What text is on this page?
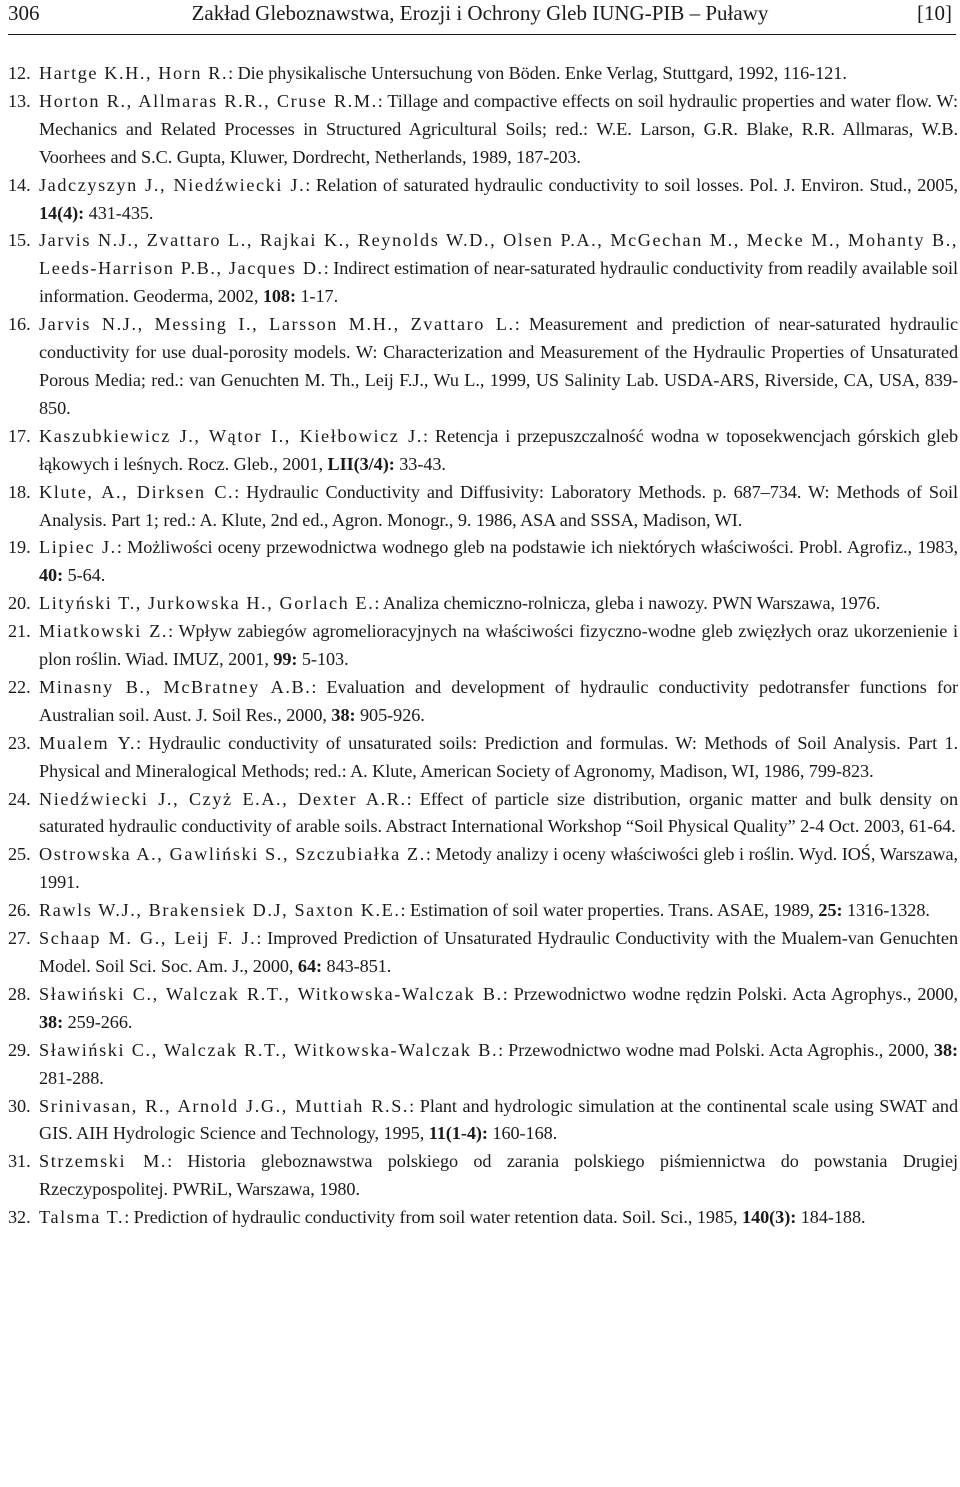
306	Zakład Gleboznawstwa, Erozji i Ochrony Gleb IUNG-PIB – Puławy	[10]
12. Hartge K.H., Horn R.: Die physikalische Untersuchung von Böden. Enke Verlag, Stuttgard, 1992, 116-121.
13. Horton R., Allmaras R.R., Cruse R.M.: Tillage and compactive effects on soil hydraulic properties and water flow. W: Mechanics and Related Processes in Structured Agricultural Soils; red.: W.E. Larson, G.R. Blake, R.R. Allmaras, W.B. Voorhees and S.C. Gupta, Kluwer, Dordrecht, Netherlands, 1989, 187-203.
14. Jadczyszyn J., Niedźwiecki J.: Relation of saturated hydraulic conductivity to soil losses. Pol. J. Environ. Stud., 2005, 14(4): 431-435.
15. Jarvis N.J., Zvattaro L., Rajkai K., Reynolds W.D., Olsen P.A., McGechan M., Mecke M., Mohanty B., Leeds-Harrison P.B., Jacques D.: Indirect estimation of near-saturated hydraulic conductivity from readily available soil information. Geoderma, 2002, 108: 1-17.
16. Jarvis N.J., Messing I., Larsson M.H., Zvattaro L.: Measurement and prediction of near-saturated hydraulic conductivity for use dual-porosity models. W: Characterization and Measurement of the Hydraulic Properties of Unsaturated Porous Media; red.: van Genuchten M. Th., Leij F.J., Wu L., 1999, US Salinity Lab. USDA-ARS, Riverside, CA, USA, 839-850.
17. Kaszubkiewicz J., Wątor I., Kiełbowicz J.: Retencja i przepuszczalność wodna w toposekwencjach górskich gleb łąkowych i leśnych. Rocz. Glеb., 2001, LII(3/4): 33-43.
18. Klute, A., Dirksen C.: Hydraulic Conductivity and Diffusivity: Laboratory Methods. p. 687–734. W: Methods of Soil Analysis. Part 1; red.: A. Klute, 2nd ed., Agron. Monogr., 9. 1986, ASA and SSSA, Madison, WI.
19. Lipiec J.: Możliwości oceny przewodnictwa wodnego gleb na podstawie ich niektórych właściwości. Probl. Agrofiz., 1983, 40: 5-64.
20. Lityński T., Jurkowska H., Gorlach E.: Analiza chemiczno-rolnicza, gleba i nawozy. PWN Warszawa, 1976.
21. Miatkowski Z.: Wpływ zabiegów agromelioracyjnych na właściwości fizyczno-wodne gleb zwięzłych oraz ukorzenienie i plon roślin. Wiad. IMUZ, 2001, 99: 5-103.
22. Minasny B., McBratney A.B.: Evaluation and development of hydraulic conductivity pedotransfer functions for Australian soil. Aust. J. Soil Res., 2000, 38: 905-926.
23. Mualem Y.: Hydraulic conductivity of unsaturated soils: Prediction and formulas. W: Methods of Soil Analysis. Part 1. Physical and Mineralogical Methods; red.: A. Klute, American Society of Agronomy, Madison, WI, 1986, 799-823.
24. Niedźwiecki J., Czyż E.A., Dexter A.R.: Effect of particle size distribution, organic matter and bulk density on saturated hydraulic conductivity of arable soils. Abstract International Workshop “Soil Physical Quality” 2-4 Oct. 2003, 61-64.
25. Ostrowska A., Gawliński S., Szczubiałka Z.: Metody analizy i oceny właściwości gleb i roślin. Wyd. IOŚ, Warszawa, 1991.
26. Rawls W.J., Brakensiek D.J, Saxton K.E.: Estimation of soil water properties. Trans. ASAE, 1989, 25: 1316-1328.
27. Schaap M. G., Leij F. J.: Improved Prediction of Unsaturated Hydraulic Conductivity with the Mualem-van Genuchten Model. Soil Sci. Soc. Am. J., 2000, 64: 843-851.
28. Sławiński C., Walczak R.T., Witkowska-Walczak B.: Przewodnictwo wodne rędzin Polski. Acta Agrophys., 2000, 38: 259-266.
29. Sławiński C., Walczak R.T., Witkowska-Walczak B.: Przewodnictwo wodne mad Polski. Acta Agrophis., 2000, 38: 281-288.
30. Srinivasan, R., Arnold J.G., Muttiah R.S.: Plant and hydrologic simulation at the continental scale using SWAT and GIS. AIH Hydrologic Science and Technology, 1995, 11(1-4): 160-168.
31. Strzemski M.: Historia gleboznawstwa polskiego od zarania polskiego piśmiennictwa do powstania Drugiej Rzeczypospolitej. PWRiL, Warszawa, 1980.
32. Talsma T.: Prediction of hydraulic conductivity from soil water retention data. Soil. Sci., 1985, 140(3): 184-188.
